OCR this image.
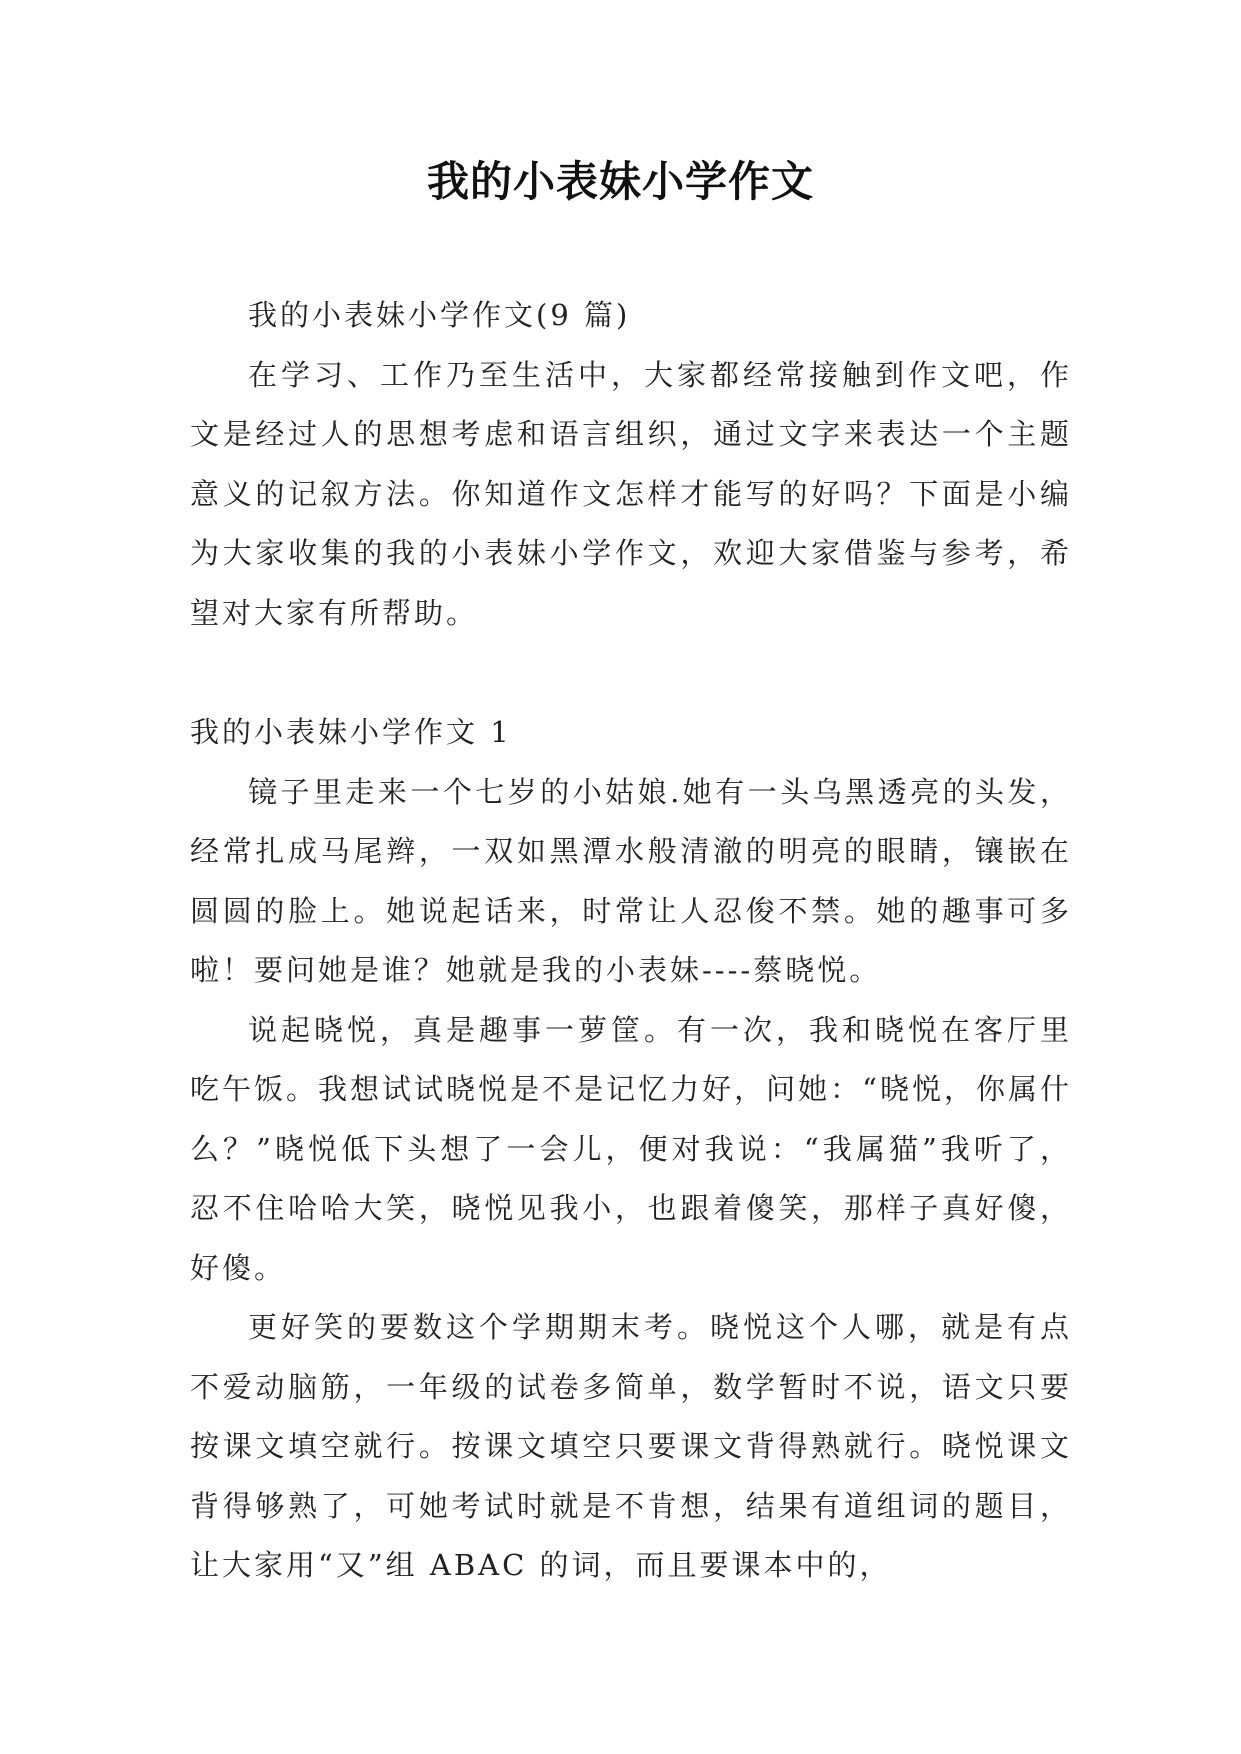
我的小表妹小学作文

我的小表妹小学作文(9 篇)

在学习、工作乃至生活中，大家都经常接触到作文吧，作文是经过人的思想考虑和语言组织，通过文字来表达一个主题意义的记叙方法。你知道作文怎样才能写的好吗？下面是小编为大家收集的我的小表妹小学作文，欢迎大家借鉴与参考，希望对大家有所帮助。

我的小表妹小学作文 1

镜子里走来一个七岁的小姑娘.她有一头乌黑透亮的头发，经常扎成马尾辫，一双如黑潭水般清澈的明亮的眼睛，镶嵌在圆圆的脸上。她说起话来，时常让人忍俊不禁。她的趣事可多啦！要问她是谁？她就是我的小表妹----蔡晓悦。

说起晓悦，真是趣事一萝筐。有一次，我和晓悦在客厅里吃午饭。我想试试晓悦是不是记忆力好，问她：“晓悦，你属什么？”晓悦低下头想了一会儿，便对我说：“我属猫”我听了，忍不住哈哈大笑，晓悦见我小，也跟着傻笑，那样子真好傻，好傻。

更好笑的要数这个学期期末考。晓悦这个人哪，就是有点不爱动脑筋，一年级的试卷多简单，数学暂时不说，语文只要按课文填空就行。按课文填空只要课文背得熟就行。晓悦课文背得够熟了，可她考试时就是不肯想，结果有道组词的题目，让大家用“又”组 ABAC 的词，而且要课本中的，
